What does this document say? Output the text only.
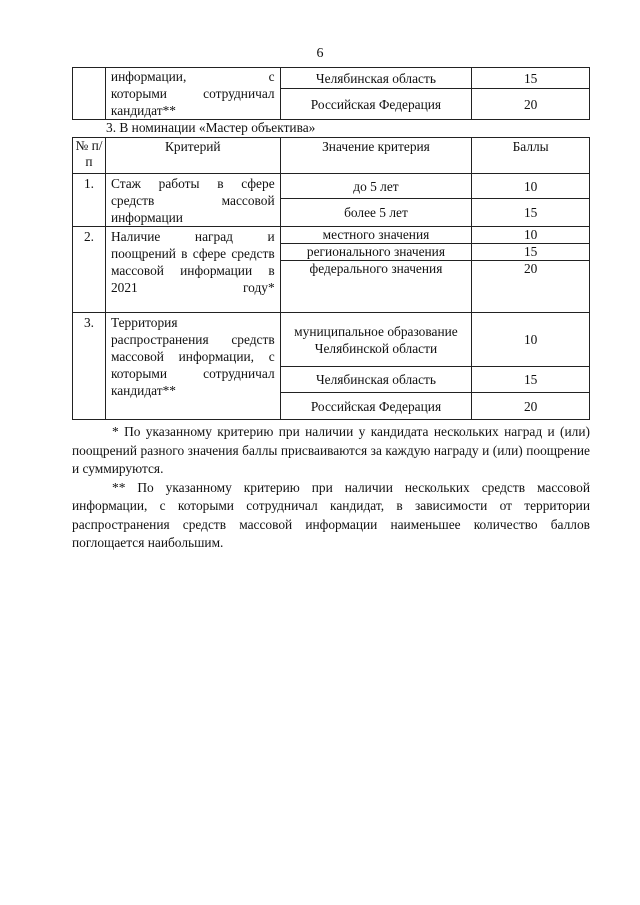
6

	информации, с
которыми сотрудничал
кандидат**	Челябинская область	15
		Российская Федерация	20
3. В номинации «Мастер объектива»
№ п/п	Критерий	Значение критерия	Баллы
1.	Стаж работы в сфере средств массовой информации	до 5 лет	10
		более 5 лет	15
2.	Наличие наград и поощрений в сфере средств массовой информации в 2021 году*	местного значения	10
		регионального значения	15
		федерального значения	20
3.	Территория распространения средств массовой информации, с которыми сотрудничал кандидат**	муниципальное образование Челябинской области	10
		Челябинская область	15
		Российская Федерация	20

* По указанному критерию при наличии у кандидата нескольких наград и (или) поощрений разного значения баллы присваиваются за каждую награду и (или) поощрение и суммируются.

** По указанному критерию при наличии нескольких средств массовой информации, с которыми сотрудничал кандидат, в зависимости от территории распространения средств массовой информации наименьшее количество баллов поглощается наибольшим.
